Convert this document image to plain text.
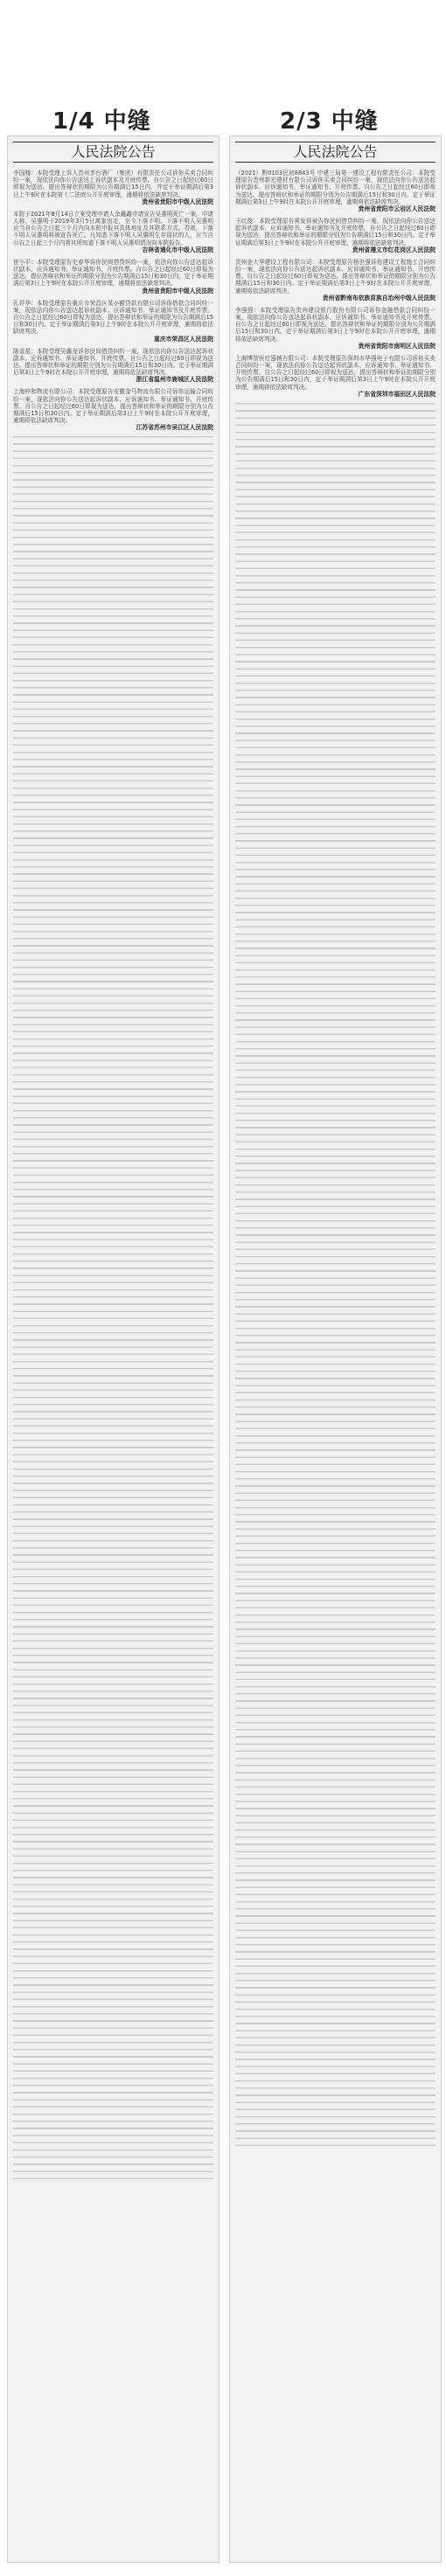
1/4 中缝	2/3 中缝
人民法院公告

李国楼：本院受理上诉人贵州茅台酒厂（集团）有限责任公司诉你买卖合同纠纷一案，现依法向你公告送达上诉状副本及开庭传票。自公告之日起经过60日即视为送达。提出答辩状的期限为公告期满后15日内，并定于举证期满后第3日上午9时在本院第十二法庭公开开庭审理，逾期将依法缺席判决。

贵州省贵阳市中级人民法院

本院于2021年8月14日立案受理申请人余鑫鑫申请宣告吴惠明死亡一案。申请人称，吴惠明于2019年3月5日离家出走，至今下落不明。下落不明人吴惠明应当自公告之日起三个月内向本院申报其具体地址及其联系方式。否则，下落不明人吴惠明将被宣告死亡。凡知悉下落不明人吴惠明生存现状的人，应当自公告之日起三个月内将其所知道下落不明人吴惠明情况向本院报告。

吉林省通化市中级人民法院

宦小平：本院受理原告史春华诉你民间借贷纠纷一案，依法向你公告送达起诉状副本、应诉通知书、举证通知书、开庭传票。自公告之日起经过60日即视为送达。提出答辩状和举证的期限分别为公告期满后15日和30日内，定于举证期满后第3日上午9时在本院公开开庭审理，逾期将依法缺席判决。

贵州省贵阳市中级人民法院

孔祥华：本院受理原告重庆市荣昌区某小额贷款有限公司诉你借款合同纠纷一案，现依法向你公告送达起诉状副本、应诉通知书、举证通知书及开庭传票。自公告之日起经过60日即视为送达。提出答辩状和举证的期限为公告期满后15日和30日内。定于举证期满后第3日上午9时在本院公开开庭审理，逾期将依法缺席判决。

重庆市荣昌区人民法院

陈金星：本院受理吴鑫龙诉你民间借贷纠纷一案，现依法向你公告送达起诉状副本、应诉通知书、举证通知书、开庭传票。自公告之日起经过60日即视为送达。提出答辩状和举证的期限分别为公告期满后15日和30日内。定于举证期满后第3日上午9时在本院公开开庭审理，逾期将依法缺席判决。

浙江省温州市鹿城区人民法院

上海梓和物流有限公司：本院受理原告安徽金马物流有限公司诉你运输合同纠纷一案，现依法向你公告送达起诉状副本、应诉通知书、举证通知书、开庭传票。自公告之日起经过60日即视为送达，提出答辩状和举证的期限分别为公告期满后15日和30日内。定于举证期满后第3日上午9时在本院公开开庭审理，逾期将依法缺席判决。

江苏省苏州市吴江区人民法院

人民法院公告

（2021）黔0103民初8843号 中建三局第一建设工程有限责任公司：本院受理原告贵州新宏建材有限公司诉你买卖合同纠纷一案，现依法向你公告送达起诉状副本、应诉通知书、举证通知书、开庭传票。自公告之日起经过60日即视为送达。提出答辩状和举证的期限分别为公告期满后15日和30日内。定于举证期满后第3日上午9时在本院公开开庭审理，逾期将依法缺席判决。

贵州省贵阳市云岩区人民法院

王红俊：本院受理原告黄发诉被告你民间借贷纠纷一案，现依法向你公告送达起诉状副本、应诉通知书、举证通知书及开庭传票。自公告之日起经过60日即视为送达。提出答辩状和举证的期限分别为公告期满后15日和30日内。定于举证期满后第3日上午9时在本院公开开庭审理，逾期将依法缺席判决。

贵州省遵义市红花岗区人民法院

贵州金大华建设工程有限公司：本院受理原告杨世强诉你建设工程施工合同纠纷一案，现依法向你公告送达起诉状副本、应诉通知书、举证通知书、开庭传票。自公告之日起经过60日即视为送达。提出答辩状和举证的期限分别为公告期满后15日和30日内。定于举证期满后第3日上午9时在本院公开开庭审理，逾期将依法缺席判决。

贵州省黔南布依族苗族自治州中级人民法院

李强强：本院受理原告贵州建设银行股份有限公司诉你金融借款合同纠纷一案，现依法向你公告送达起诉状副本、应诉通知书、举证通知书及开庭传票。自公告之日起经过60日即视为送达。提出答辩状和举证的期限分别为公告期满后15日和30日内。定于举证期满后第3日上午9时在本院公开开庭审理，逾期将依法缺席判决。

贵州省贵阳市南明区人民法院

上海博智医疗器械有限公司：本院受理原告深圳市华强电子有限公司诉你买卖合同纠纷一案，现依法向你公告送达起诉状副本、应诉通知书、举证通知书、开庭传票。自公告之日起经过60日即视为送达，提出答辩状和举证的期限分别为公告期满后15日和30日内，定于举证期满后第3日上午9时在本院公开开庭审理，逾期将依法缺席判决。

广东省深圳市福田区人民法院
